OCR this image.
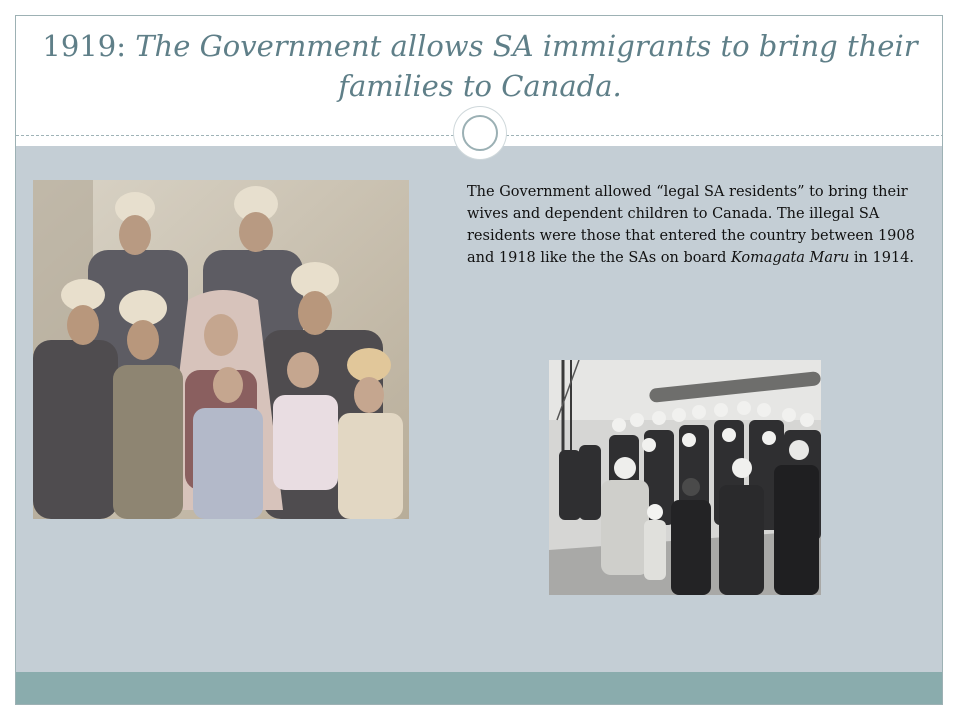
1919: The Government allows SA immigrants to bring their families to Canada.

The Government allowed “legal SA residents” to bring their wives and dependent children to Canada. The illegal SA residents were those that entered the country between 1908 and 1918 like the the SAs on board Komagata Maru in 1914.
